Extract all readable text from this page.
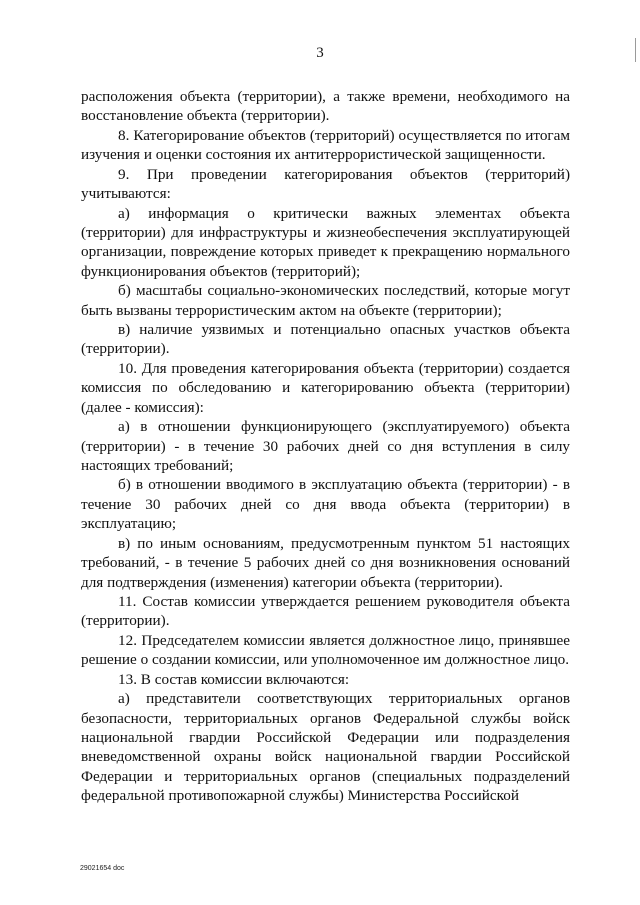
3

расположения объекта (территории), а также времени, необходимого на восстановление объекта (территории).

8. Категорирование объектов (территорий) осуществляется по итогам изучения и оценки состояния их антитеррористической защищенности.

9. При проведении категорирования объектов (территорий) учитываются:

а) информация о критически важных элементах объекта (территории) для инфраструктуры и жизнеобеспечения эксплуатирующей организации, повреждение которых приведет к прекращению нормального функционирования объектов (территорий);

б) масштабы социально-экономических последствий, которые могут быть вызваны террористическим актом на объекте (территории);

в) наличие уязвимых и потенциально опасных участков объекта (территории).

10. Для проведения категорирования объекта (территории) создается комиссия по обследованию и категорированию объекта (территории) (далее - комиссия):

а) в отношении функционирующего (эксплуатируемого) объекта (территории) - в течение 30 рабочих дней со дня вступления в силу настоящих требований;

б) в отношении вводимого в эксплуатацию объекта (территории) - в течение 30 рабочих дней со дня ввода объекта (территории) в эксплуатацию;

в) по иным основаниям, предусмотренным пунктом 51 настоящих требований, - в течение 5 рабочих дней со дня возникновения оснований для подтверждения (изменения) категории объекта (территории).

11. Состав комиссии утверждается решением руководителя объекта (территории).

12. Председателем комиссии является должностное лицо, принявшее решение о создании комиссии, или уполномоченное им должностное лицо.

13. В состав комиссии включаются:

а) представители соответствующих территориальных органов безопасности, территориальных органов Федеральной службы войск национальной гвардии Российской Федерации или подразделения вневедомственной охраны войск национальной гвардии Российской Федерации и территориальных органов (специальных подразделений федеральной противопожарной службы) Министерства Российской

29021654 doc
